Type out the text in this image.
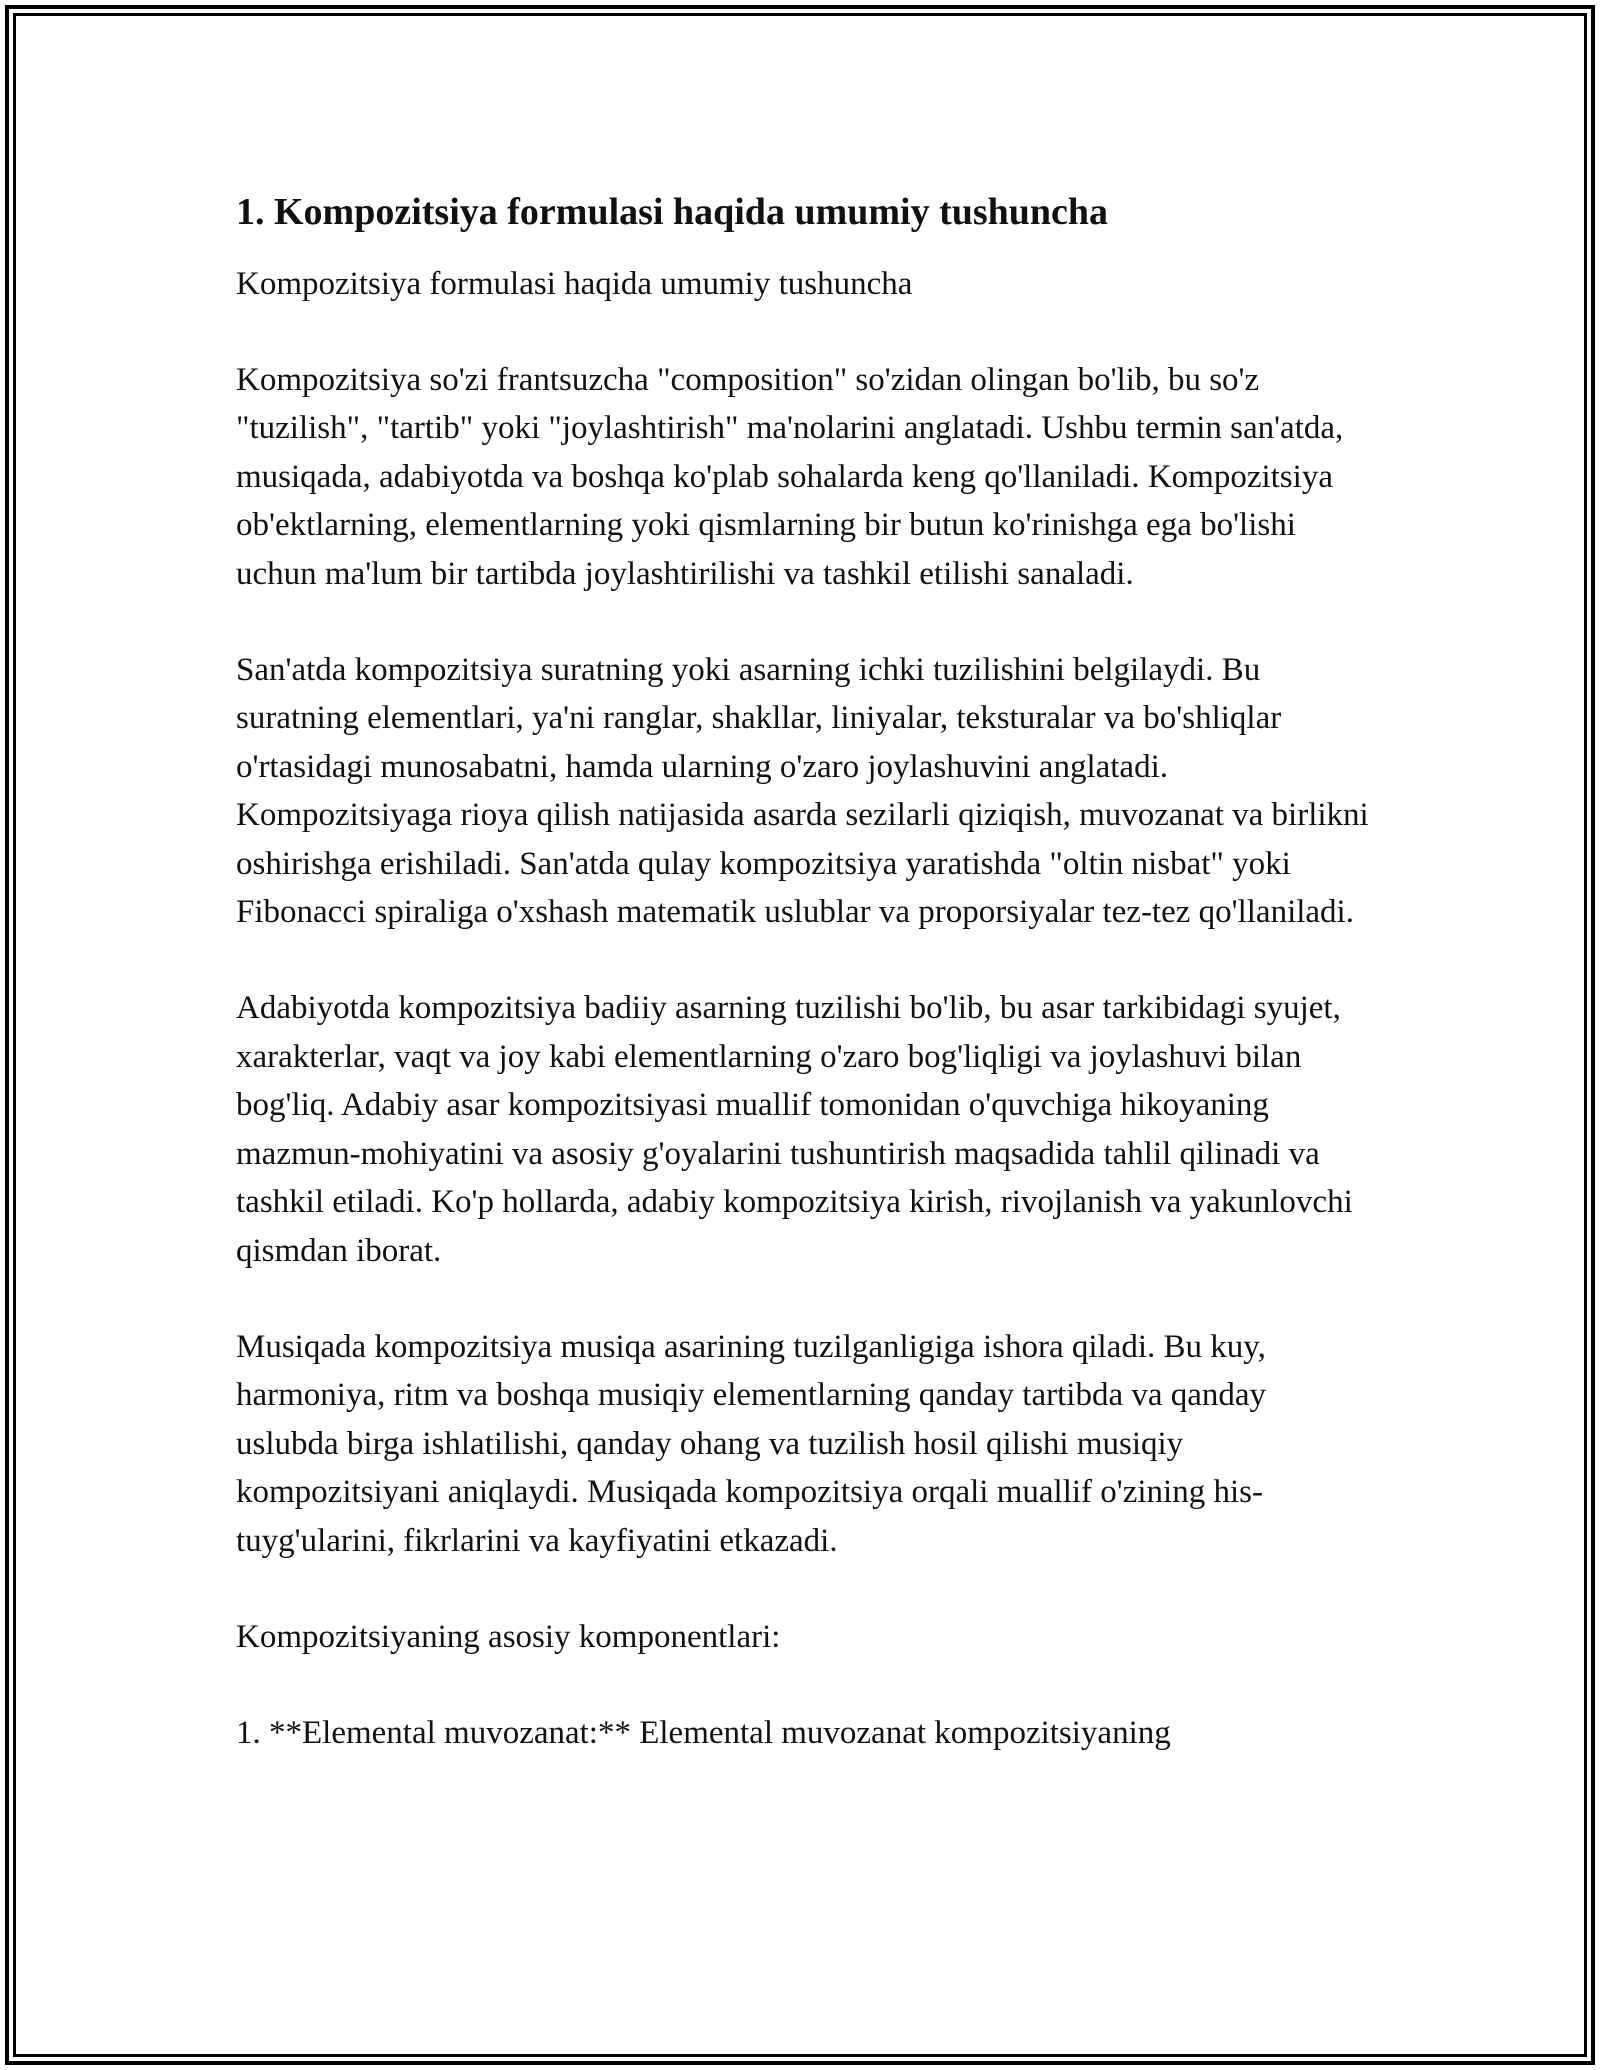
1. Kompozitsiya formulasi haqida umumiy tushuncha

Kompozitsiya formulasi haqida umumiy tushuncha

Kompozitsiya so'zi frantsuzcha "composition" so'zidan olingan bo'lib, bu so'z "tuzilish", "tartib" yoki "joylashtirish" ma'nolarini anglatadi. Ushbu termin san'atda, musiqada, adabiyotda va boshqa ko'plab sohalarda keng qo'llaniladi. Kompozitsiya ob'ektlarning, elementlarning yoki qismlarning bir butun ko'rinishga ega bo'lishi uchun ma'lum bir tartibda joylashtirilishi va tashkil etilishi sanaladi.

San'atda kompozitsiya suratning yoki asarning ichki tuzilishini belgilaydi. Bu suratning elementlari, ya'ni ranglar, shakllar, liniyalar, teksturalar va bo'shliqlar o'rtasidagi munosabatni, hamda ularning o'zaro joylashuvini anglatadi. Kompozitsiyaga rioya qilish natijasida asarda sezilarli qiziqish, muvozanat va birlikni oshirishga erishiladi. San'atda qulay kompozitsiya yaratishda "oltin nisbat" yoki Fibonacci spiraliga o'xshash matematik uslublar va proporsiyalar tez-tez qo'llaniladi.

Adabiyotda kompozitsiya badiiy asarning tuzilishi bo'lib, bu asar tarkibidagi syujet, xarakterlar, vaqt va joy kabi elementlarning o'zaro bog'liqligi va joylashuvi bilan bog'liq. Adabiy asar kompozitsiyasi muallif tomonidan o'quvchiga hikoyaning mazmun-mohiyatini va asosiy g'oyalarini tushuntirish maqsadida tahlil qilinadi va tashkil etiladi. Ko'p hollarda, adabiy kompozitsiya kirish, rivojlanish va yakunlovchi qismdan iborat.

Musiqada kompozitsiya musiqa asarining tuzilganligiga ishora qiladi. Bu kuy, harmoniya, ritm va boshqa musiqiy elementlarning qanday tartibda va qanday uslubda birga ishlatilishi, qanday ohang va tuzilish hosil qilishi musiqiy kompozitsiyani aniqlaydi. Musiqada kompozitsiya orqali muallif o'zining his-tuyg'ularini, fikrlarini va kayfiyatini etkazadi.

Kompozitsiyaning asosiy komponentlari:

1. **Elemental muvozanat:** Elemental muvozanat kompozitsiyaning
